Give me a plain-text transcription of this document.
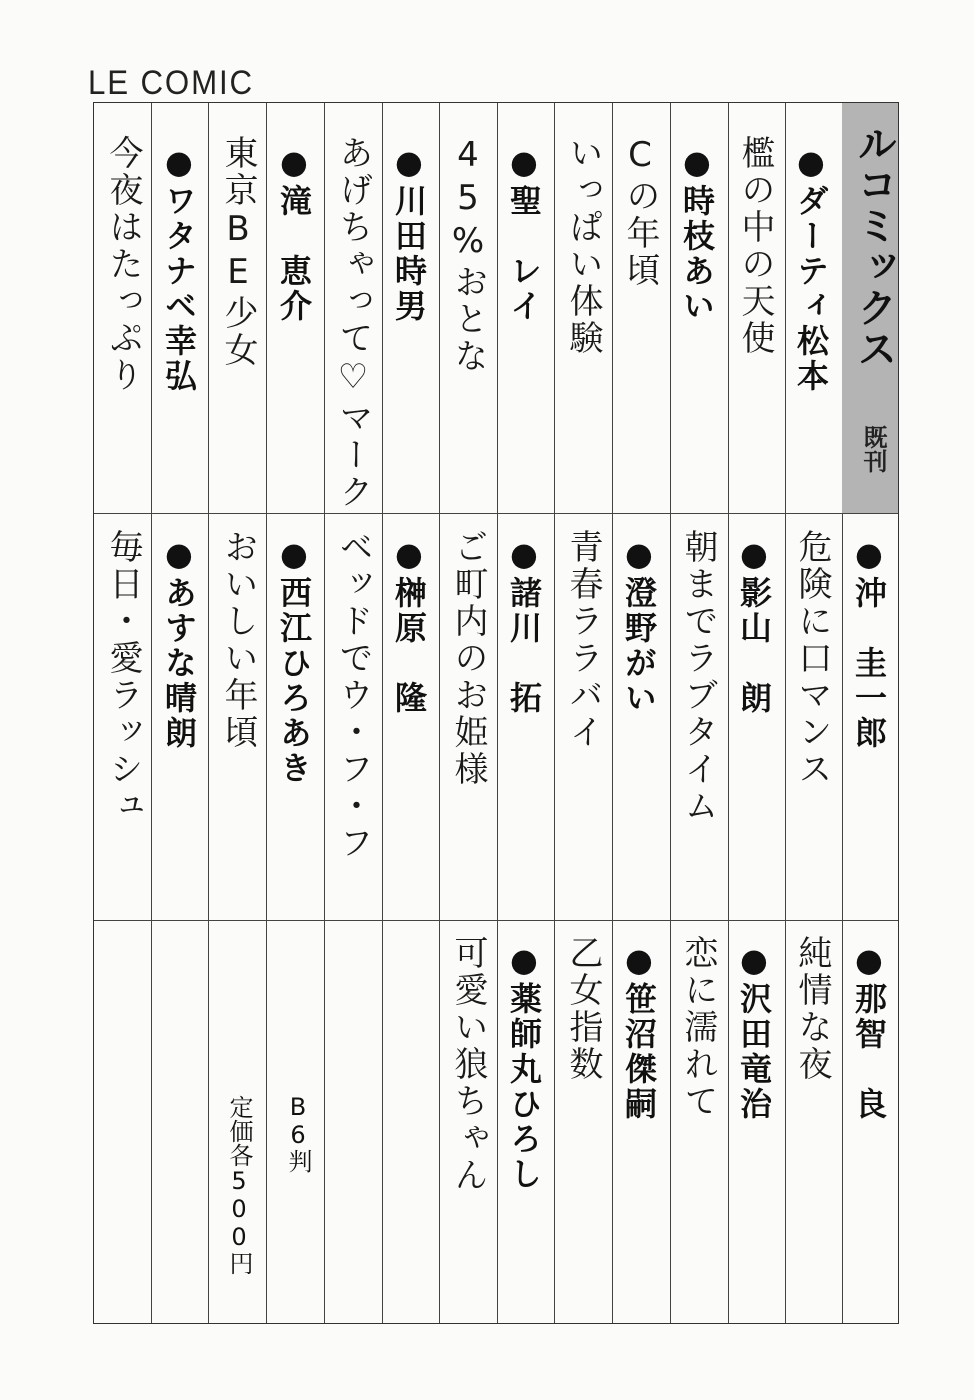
LE COMIC
ルコミックス
既刊
●ダーティ松本
檻の中の天使
●時枝あい
Cの年頃
いっぱい体験
●聖　レイ
45%おとな
●川田時男
あげちゃって♡マーク
●滝　恵介
東京BE少女
●ワタナベ幸弘
今夜はたっぷり
●沖　圭一郎
危険に口マンス
●影山　朗
朝までラブタイム
●澄野がい
青春ララバイ
●諸川　拓
ご町内のお姫様
●榊原　隆
ベッドでウ・フ・フ
●西江ひろあき
おいしい年頃
●あすな晴朗
毎日・愛ラッシュ
●那智　良
純情な夜
●沢田竜治
恋に濡れて
●笹沼傑嗣
乙女指数
●薬師丸ひろし
可愛い狼ちゃん
B6判
定価各500円
